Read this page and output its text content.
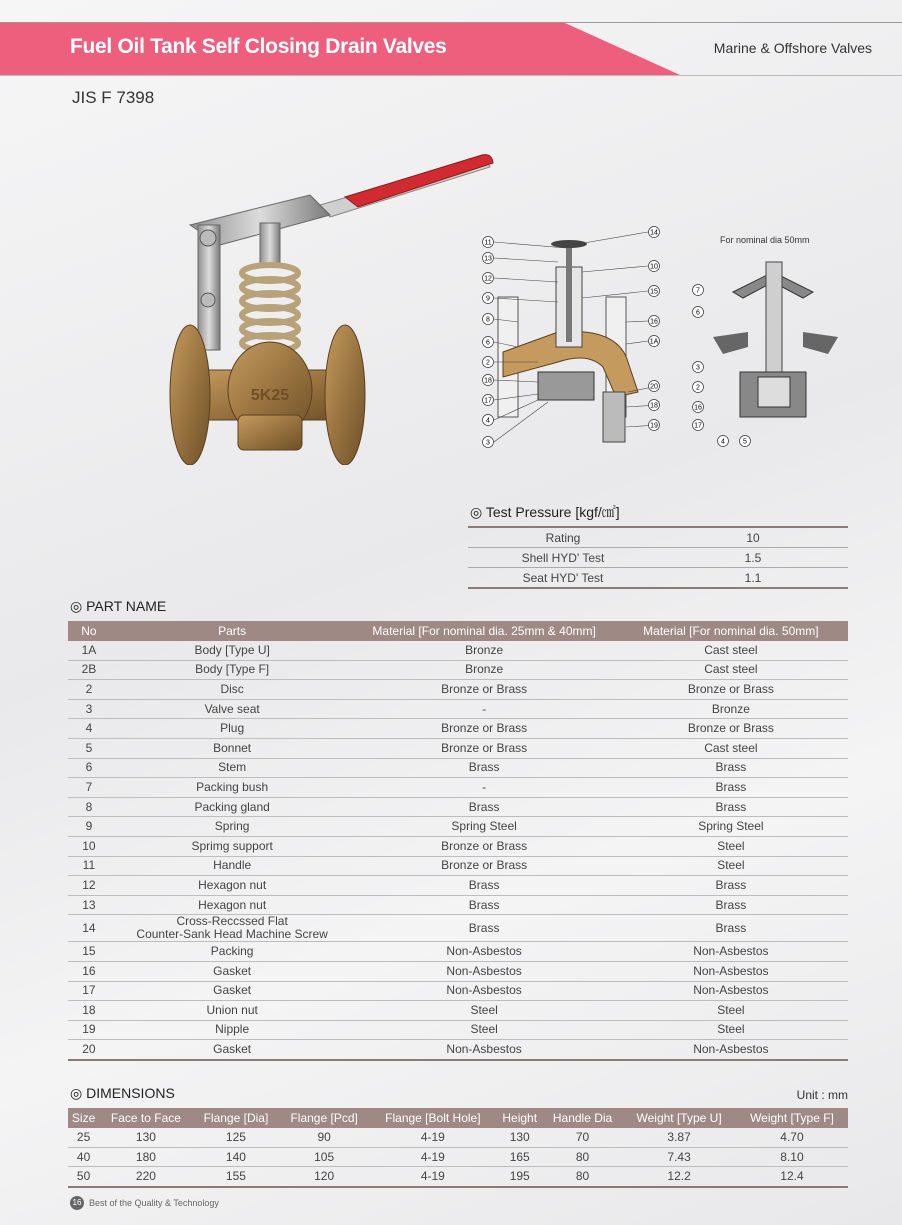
Fuel Oil Tank Self Closing Drain Valves	Marine & Offshore Valves
JIS F 7398
5K25
11
13
12
9
8
6
2
18
17
4
3
14
10
15
16
1A
20
18
19
For nominal dia 50mm
7
6
3
2
16
17
4	5
◎ Test Pressure [kgf/㎠]
Rating	10
Shell HYD' Test	1.5
Seat HYD' Test	1.1
◎ PART NAME
No	Parts	Material [For nominal dia. 25mm & 40mm]	Material [For nominal dia. 50mm]
1A	Body [Type U]	Bronze	Cast steel
2B	Body [Type F]	Bronze	Cast steel
2	Disc	Bronze or Brass	Bronze or Brass
3	Valve seat	-	Bronze
4	Plug	Bronze or Brass	Bronze or Brass
5	Bonnet	Bronze or Brass	Cast steel
6	Stem	Brass	Brass
7	Packing bush	-	Brass
8	Packing gland	Brass	Brass
9	Spring	Spring Steel	Spring Steel
10	Sprimg support	Bronze or Brass	Steel
11	Handle	Bronze or Brass	Steel
12	Hexagon nut	Brass	Brass
13	Hexagon nut	Brass	Brass
14	Cross-Reccssed Flat
Counter-Sank Head Machine Screw	Brass	Brass
15	Packing	Non-Asbestos	Non-Asbestos
16	Gasket	Non-Asbestos	Non-Asbestos
17	Gasket	Non-Asbestos	Non-Asbestos
18	Union nut	Steel	Steel
19	Nipple	Steel	Steel
20	Gasket	Non-Asbestos	Non-Asbestos
◎ DIMENSIONS	Unit : mm
Size	Face to Face	Flange [Dia]	Flange [Pcd]	Flange [Bolt Hole]	Height	Handle Dia	Weight [Type U]	Weight [Type F]
25	130	125	90	4-19	130	70	3.87	4.70
40	180	140	105	4-19	165	80	7.43	8.10
50	220	155	120	4-19	195	80	12.2	12.4
16 Best of the Quality & Technology
